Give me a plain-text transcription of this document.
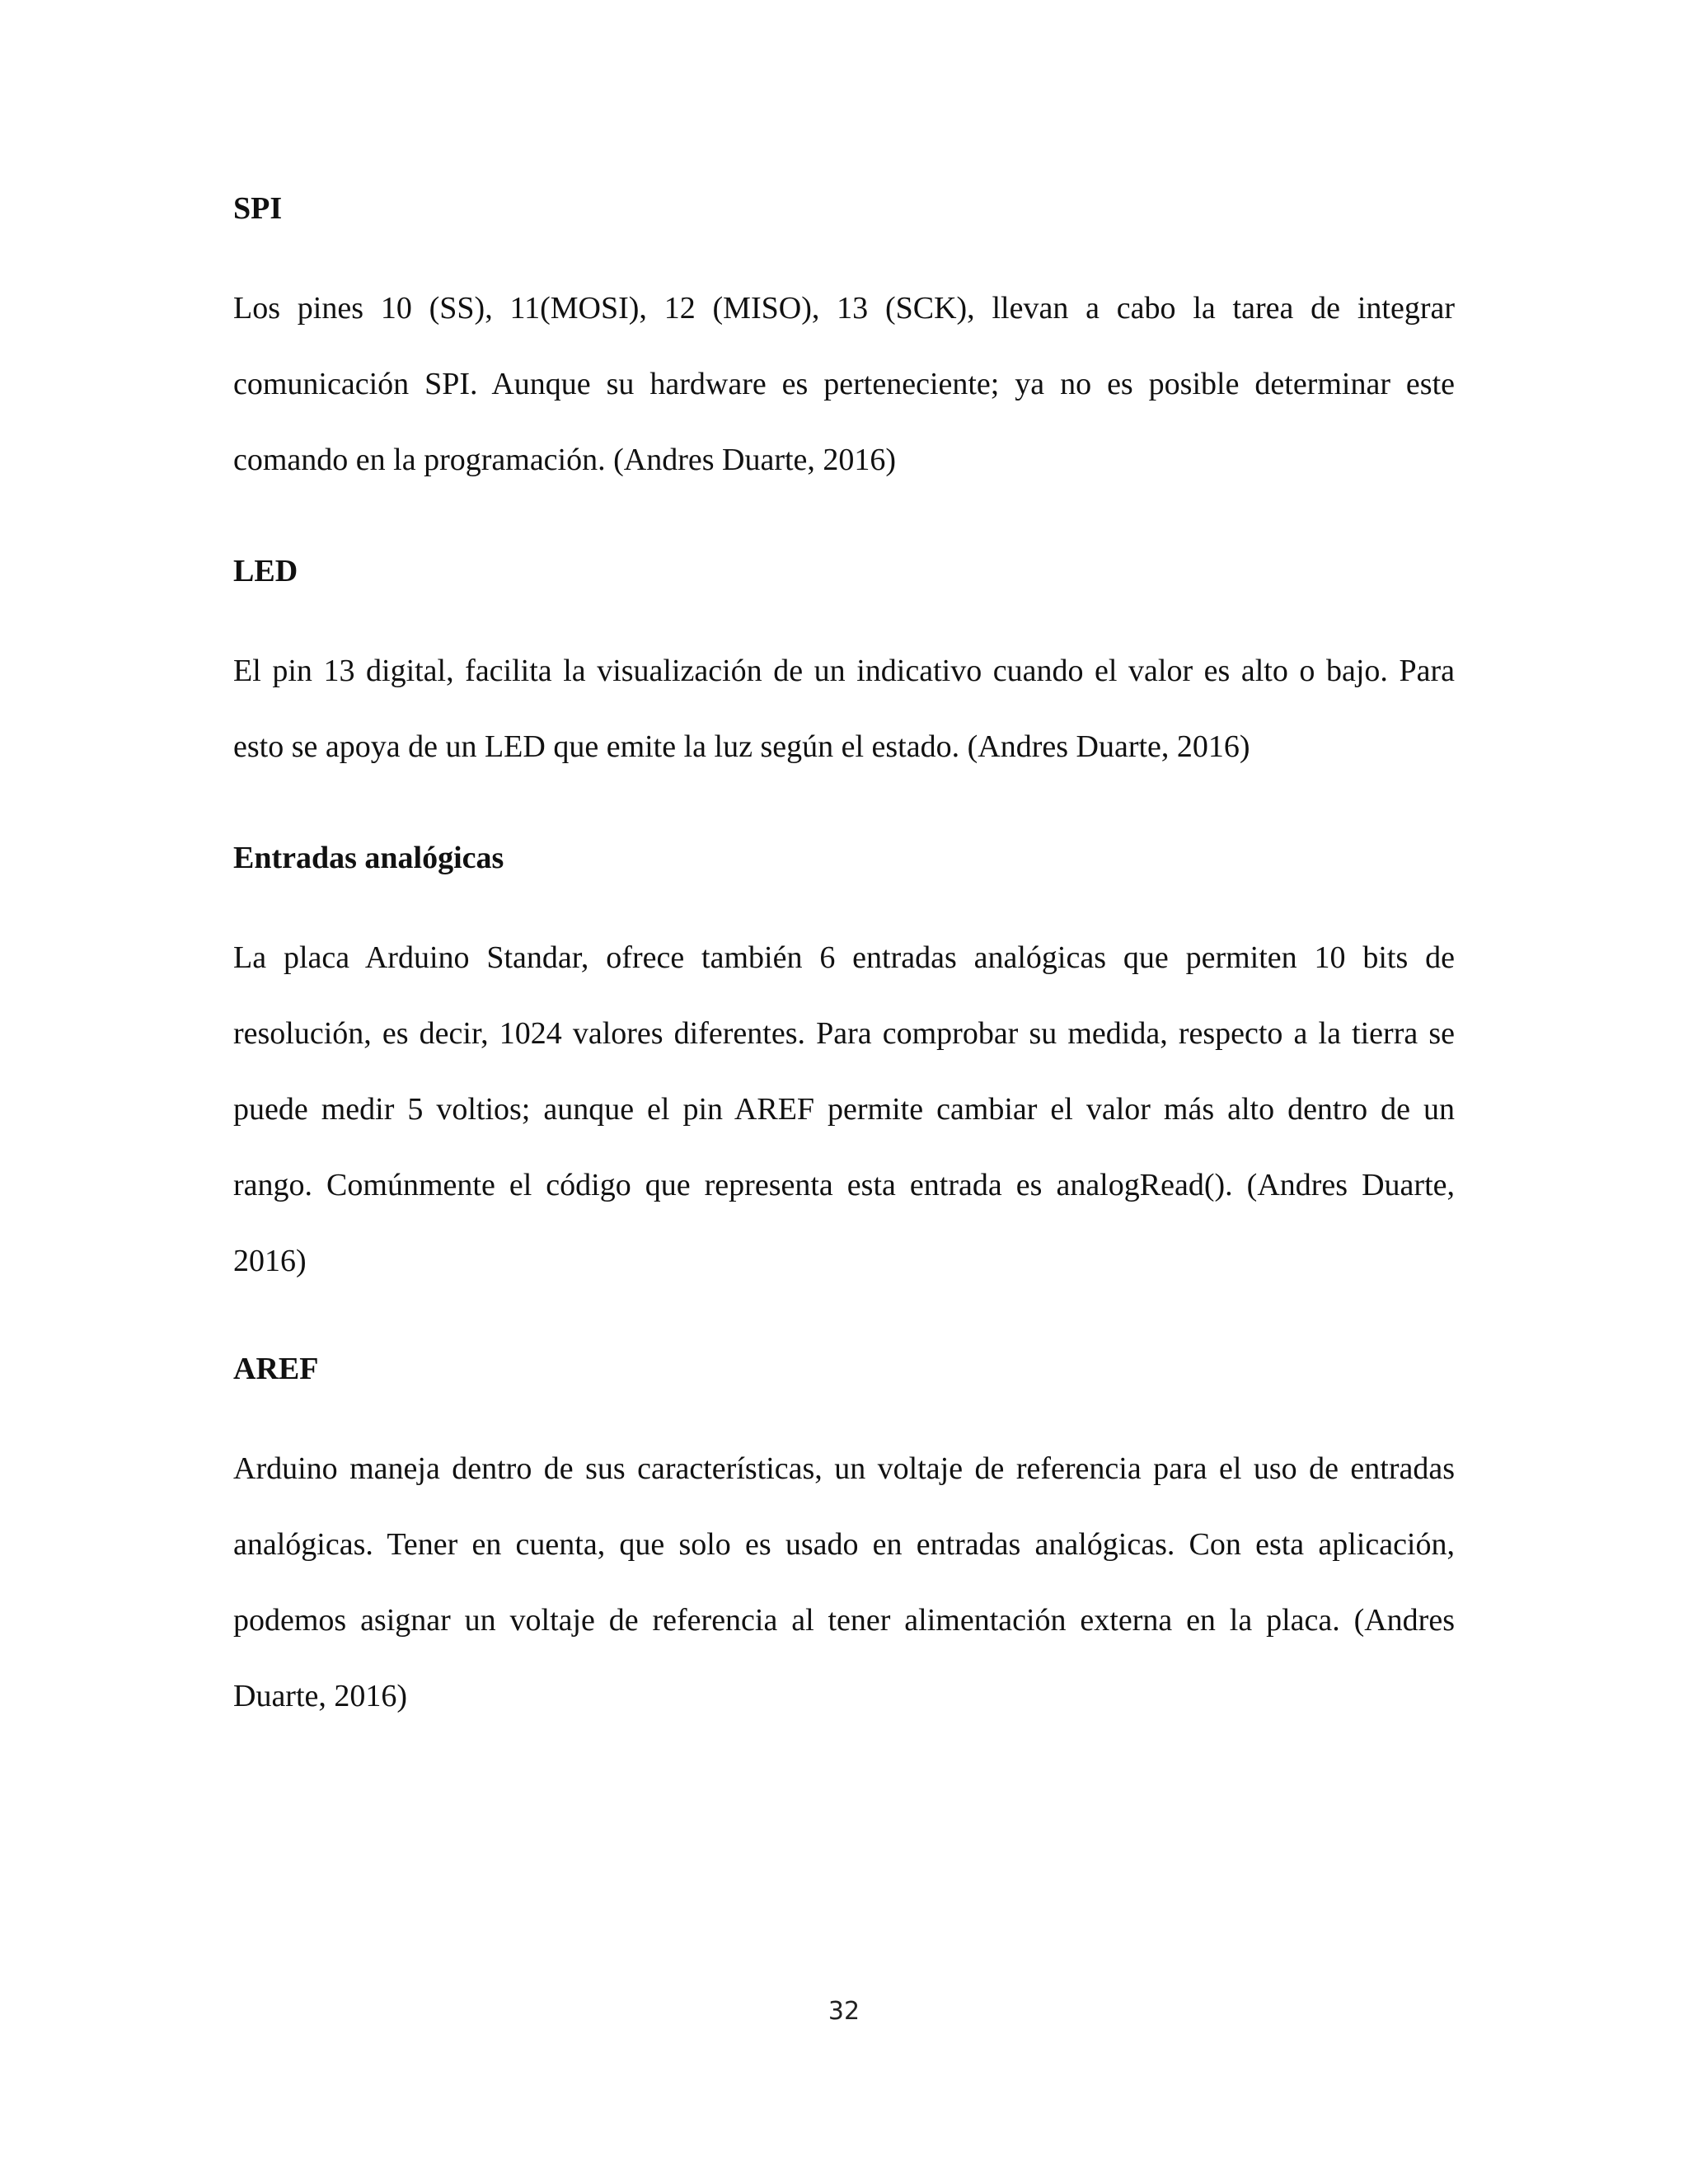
SPI

Los pines 10 (SS), 11(MOSI), 12 (MISO), 13 (SCK), llevan a cabo la tarea de integrar comunicación SPI. Aunque su hardware es perteneciente; ya no es posible determinar este comando en la programación. (Andres Duarte, 2016)

LED

El pin 13 digital, facilita la visualización de un indicativo cuando el valor es alto o bajo. Para esto se apoya de un LED que emite la luz según el estado. (Andres Duarte, 2016)

Entradas analógicas

La placa Arduino Standar, ofrece también 6 entradas analógicas que permiten 10 bits de resolución, es decir, 1024 valores diferentes. Para comprobar su medida, respecto a la tierra se puede medir 5 voltios; aunque el pin AREF permite cambiar el valor más alto dentro de un rango. Comúnmente el código que representa esta entrada es analogRead(). (Andres Duarte, 2016)

AREF

Arduino maneja dentro de sus características, un voltaje de referencia para el uso de entradas analógicas. Tener en cuenta, que solo es usado en entradas analógicas. Con esta aplicación, podemos asignar un voltaje de referencia al tener alimentación externa en la placa. (Andres Duarte, 2016)

32
